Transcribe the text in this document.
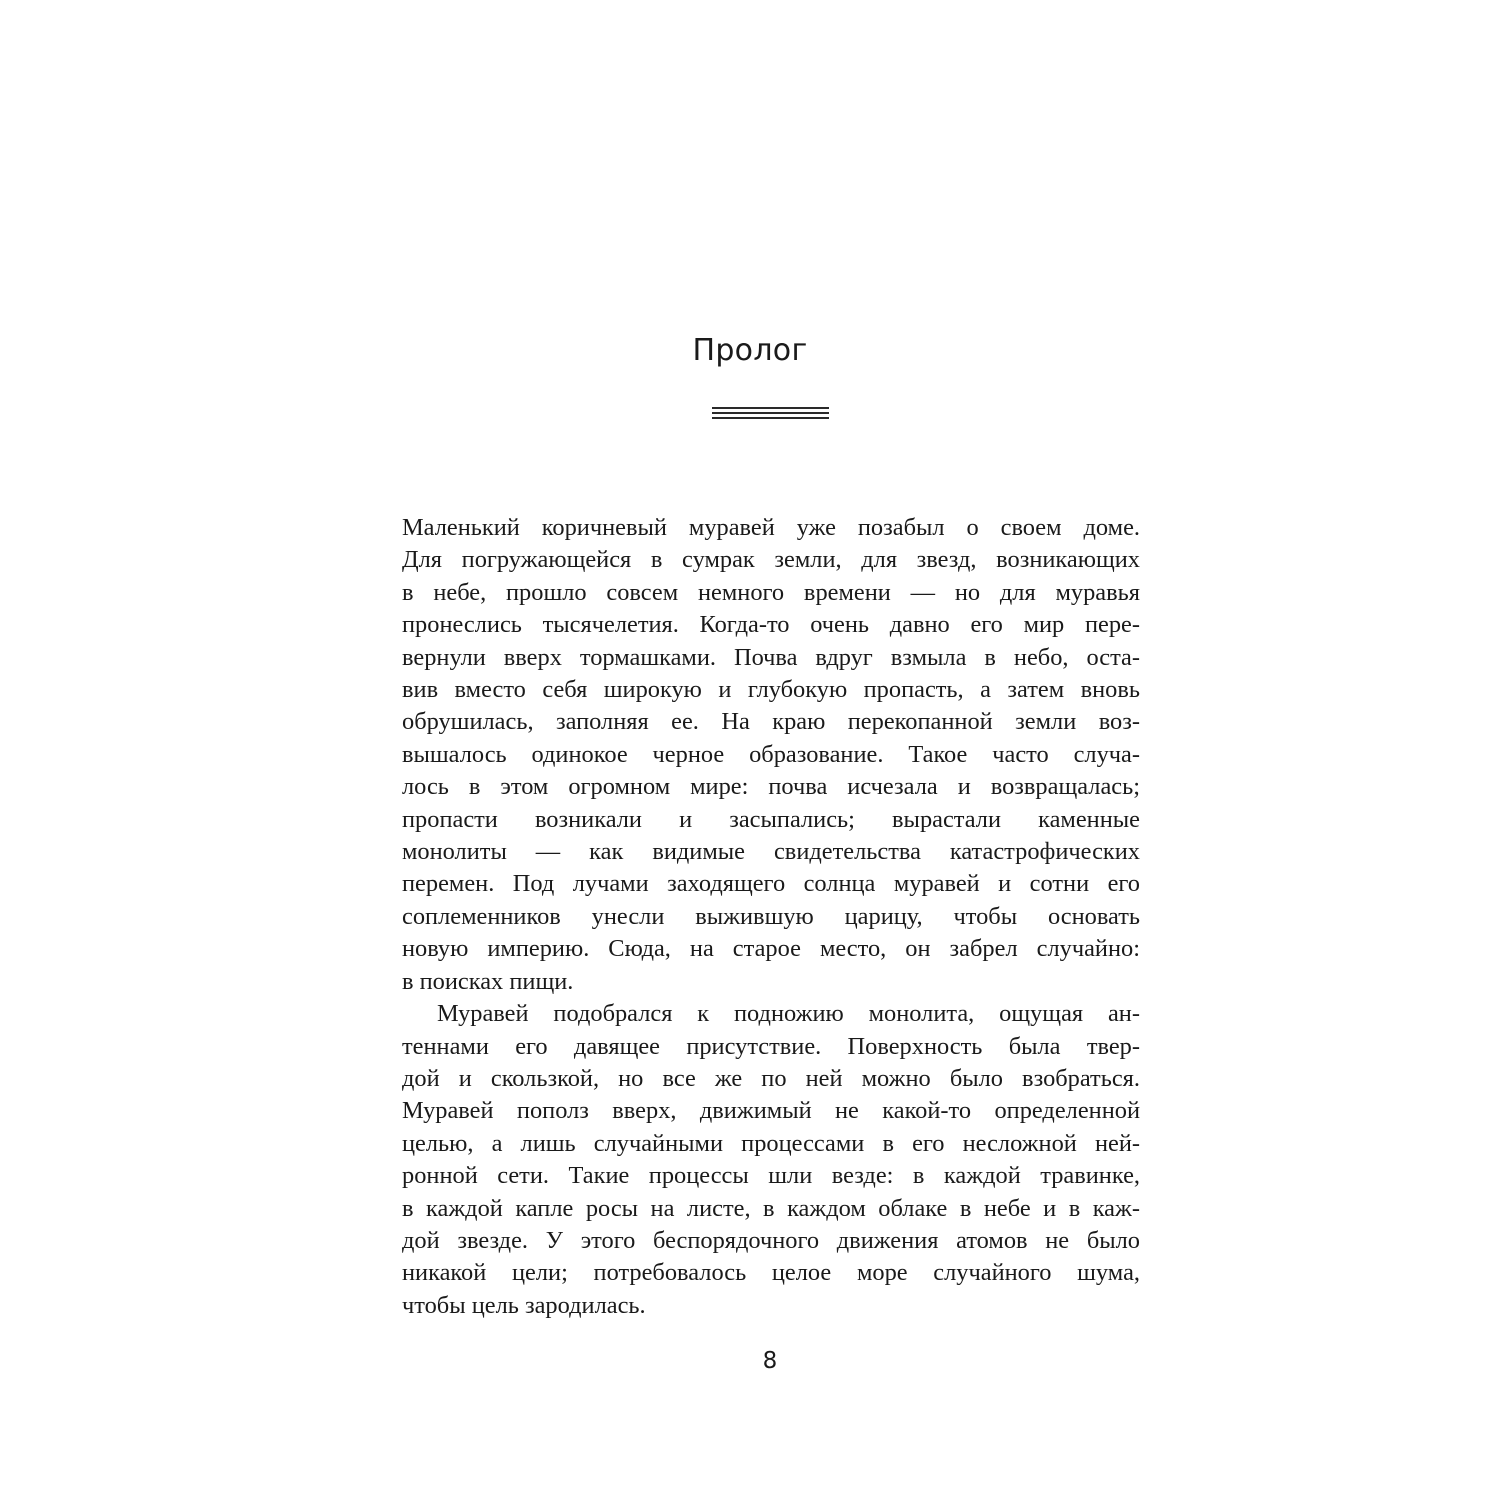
Пролог
Маленький коричневый муравей уже позабыл о своем доме.
Для погружающейся в сумрак земли, для звезд, возникающих
в небе, прошло совсем немного времени — но для муравья
пронеслись тысячелетия. Когда-то очень давно его мир пере-
вернули вверх тормашками. Почва вдруг взмыла в небо, оста-
вив вместо себя широкую и глубокую пропасть, а затем вновь
обрушилась, заполняя ее. На краю перекопанной земли воз-
вышалось одинокое черное образование. Такое часто случа-
лось в этом огромном мире: почва исчезала и возвращалась;
пропасти возникали и засыпались; вырастали каменные
монолиты — как видимые свидетельства катастрофических
перемен. Под лучами заходящего солнца муравей и сотни его
соплеменников унесли выжившую царицу, чтобы основать
новую империю. Сюда, на старое место, он забрел случайно:
в поисках пищи.
Муравей подобрался к подножию монолита, ощущая ан-
теннами его давящее присутствие. Поверхность была твер-
дой и скользкой, но все же по ней можно было взобраться.
Муравей пополз вверх, движимый не какой-то определенной
целью, а лишь случайными процессами в его несложной ней-
ронной сети. Такие процессы шли везде: в каждой травинке,
в каждой капле росы на листе, в каждом облаке в небе и в каж-
дой звезде. У этого беспорядочного движения атомов не было
никакой цели; потребовалось целое море случайного шума,
чтобы цель зародилась.
8
